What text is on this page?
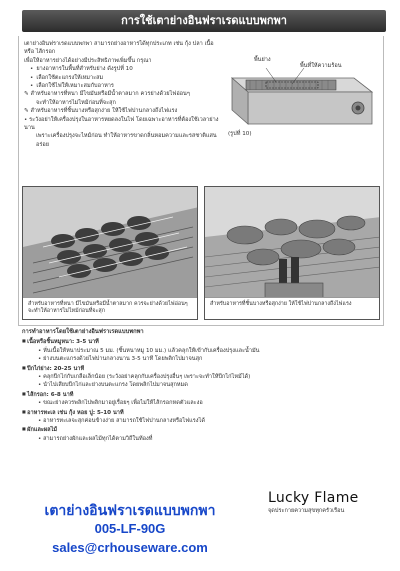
การใช้เตาย่างอินฟราเรดแบบพกพา

เตาย่างอินฟราเรดแบบพกพา สามารถย่างอาหารได้ทุกประเภท เช่น กุ้ง ปลา เนื้อ

หรือ ไส้กรอก

เพื่อให้อาหารย่างได้อย่างมีประสิทธิภาพเพิ่มขึ้น กรุณา

• ยางอาหารในพื้นที่สำหรับย่าง ดังรูปที่ 10
• เลือกใช้ตะแกรงให้เหมาะสม
• เลือกใช้ไฟให้เหมาะสมกับอาหาร

✎ สำหรับอาหารที่หนา มีไขมันหรือมีน้ำตาลมาก ควรย่างด้วยไฟอ่อนๆ

จะทำให้อาหารไม่ไหม้ก่อนที่จะสุก

✎ สำหรับอาหารที่ชิ้นบางหรือสุกง่าย ให้ใช้ไฟปานกลางถึงไฟแรง

• ระวังอย่าให้เครื่องปรุงในอาหารหยดลงในไฟ โดยเฉพาะอาหารที่ต้องใช้เวลาย่างนาน

เพราะเครื่องปรุงจะไหม้ก่อน ทำให้อาหารขาดกลิ่นหอมความและรสชาติแสนอร่อย

พื้นย่าง
พื้นที่ให้ความร้อน
(รูปที่ 10)
สำหรับอาหารที่หนา มีไขมันหรือมีน้ำตาลมาก ควรจะย่างด้วยไฟอ่อนๆ จะทำให้อาหารไม่ไหม้ก่อนที่จะสุก
สำหรับอาหารที่ชิ้นบางหรือสุกง่าย ให้ใช้ไฟปานกลางถึงไฟแรง
การทำอาหารโดยใช้เตาย่างอินฟราเรดแบบพกพา
■ เนื้อหรือชิ้นหมูหนา: 3-5 นาที
• หั่นเนื้อให้หนาประมาณ 5 มม. (ชิ้นหนาหมู 10 มม.) แล้วคลุกให้เข้ากับเครื่องปรุงและน้ำมัน
• ย่างบนตะแกรงด้วยไฟปานกลางนาน 3-5 นาที โดยพลิกไปมาจนสุก
■ ปีกไก่ย่าง: 20-25 นาที
• คลุกปีกไก่กับเกลือเล็กน้อย (ระวังอย่าคลุกกับเครื่องปรุงอื่นๆ เพราะจะทำให้ปีกไก่ไหม้ได้)
• นำไปเสียบปีกไก่และย่างบนตะแกรง โดยพลิกไปมาจนสุกหมด
■ ไส้กรอก: 6-8 นาที
• ขณะย่างควรพลิกไปพลิกมาอยู่เรื่อยๆ เพื่อไม่ให้ไส้กรอกหดตัวและงอ
■ อาหารทะเล เช่น กุ้ง หอย ปู: 5-10 นาที
• อาหารทะเลจะสุกค่อนข้างง่าย สามารถใช้ไฟปานกลางหรือไฟแรงได้
■ ผักและผลไม้
• สามารถย่างผักและผลไม้ทุกได้ตามวิถีในท้องที่
Lucky Flame
จุดประกายความสุขทุกครัวเรือน
เตาย่างอินฟราเรดแบบพกพา
005-LF-90G
sales@crhouseware.com
